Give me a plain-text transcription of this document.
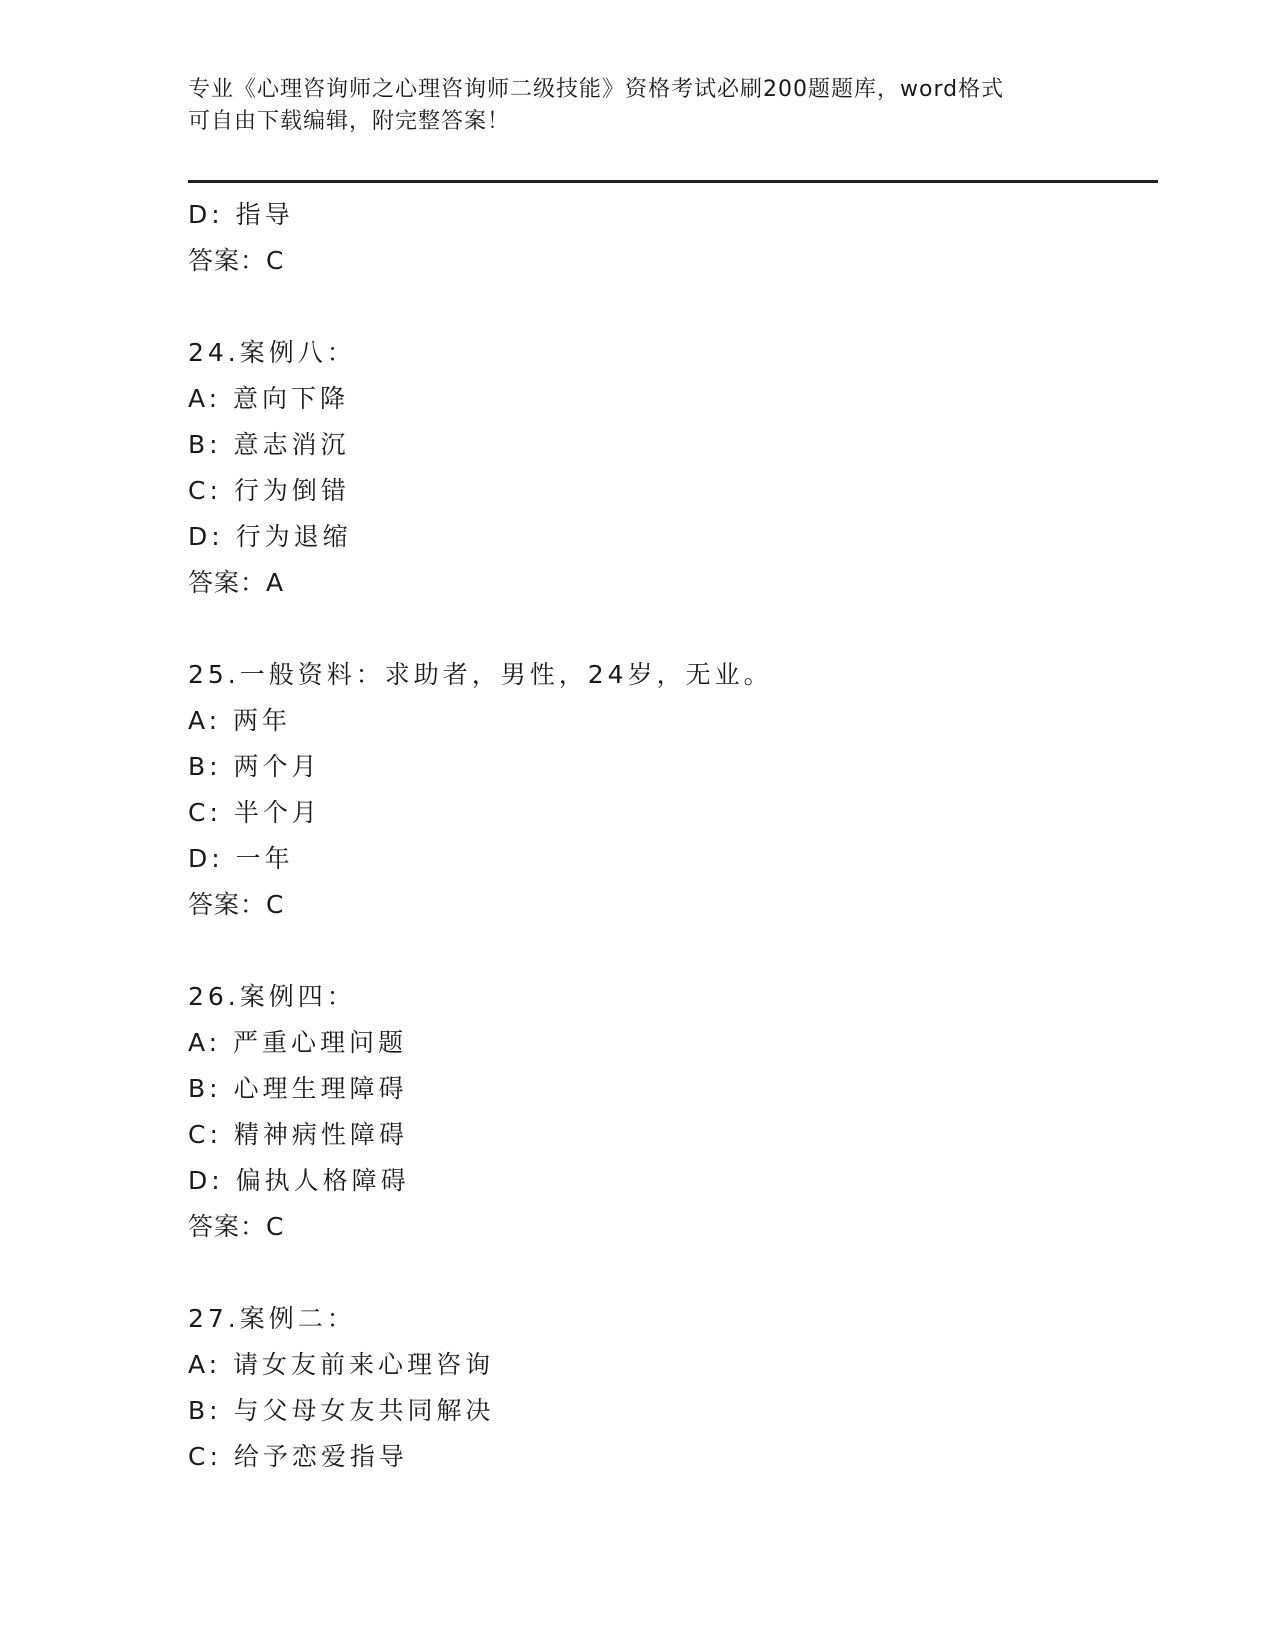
专业《心理咨询师之心理咨询师二级技能》资格考试必刷200题题库，word格式
可自由下载编辑，附完整答案！
D: 指导
答案：C
24.案例八：
A: 意向下降
B: 意志消沉
C: 行为倒错
D: 行为退缩
答案：A
25.一般资料：求助者，男性，24岁，无业。
A: 两年
B: 两个月
C: 半个月
D: 一年
答案：C
26.案例四：
A: 严重心理问题
B: 心理生理障碍
C: 精神病性障碍
D: 偏执人格障碍
答案：C
27.案例二：
A: 请女友前来心理咨询
B: 与父母女友共同解决
C: 给予恋爱指导
